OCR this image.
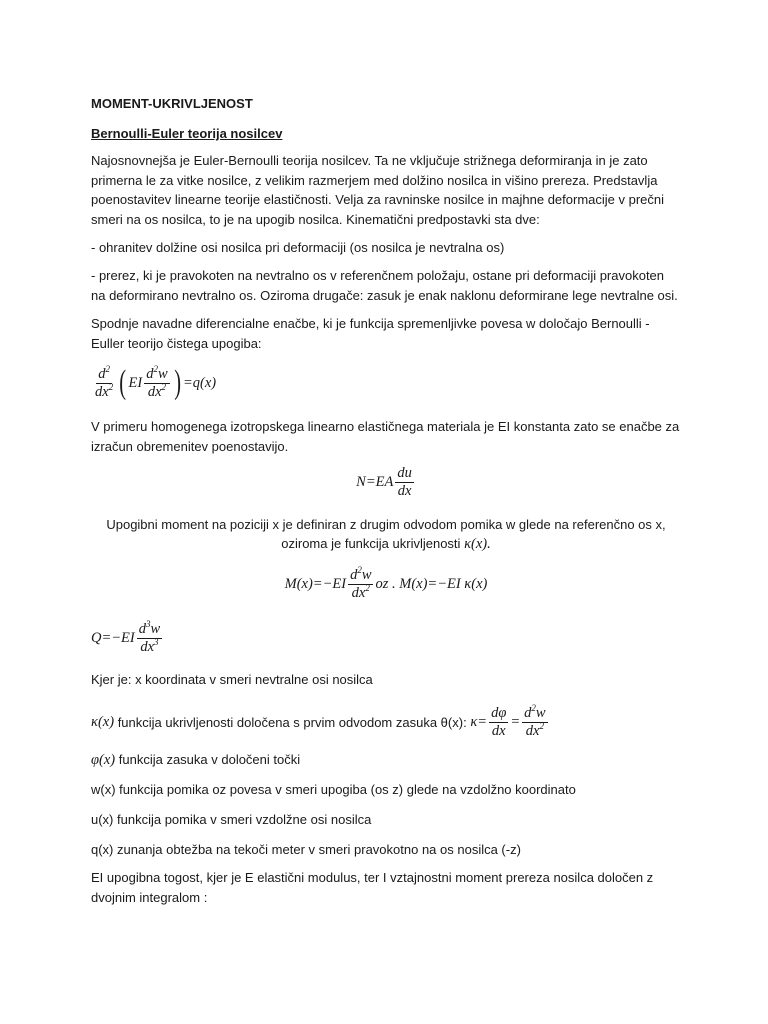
MOMENT-UKRIVLJENOST

Bernoulli-Euler teorija nosilcev

Najosnovnejša je Euler-Bernoulli teorija nosilcev. Ta ne vključuje strižnega deformiranja in je zato primerna le za vitke nosilce, z velikim razmerjem med dolžino nosilca in višino prereza. Predstavlja poenostavitev linearne teorije elastičnosti. Velja za ravninske nosilce in majhne deformacije v prečni smeri na os nosilca, to je na upogib nosilca. Kinematični predpostavki sta dve:

- ohranitev dolžine osi nosilca pri deformaciji (os nosilca je nevtralna os)

- prerez, ki je pravokoten na nevtralno os v referenčnem položaju, ostane pri deformaciji pravokoten na deformirano nevtralno os. Oziroma drugače: zasuk je enak naklonu deformirane lege nevtralne osi.

Spodnje navadne diferencialne enačbe, ki je funkcija spremenljivke povesa w določajo Bernoulli - Euller teorijo čistega upogiba:

$\frac{d^2}{dx^2}$ ( EI $\frac{d^2w}{dx^2}$ ) =q(x)

V primeru homogenega izotropskega linearno elastičnega materiala je EI konstanta zato se enačbe za izračun obremenitev poenostavijo.

$N=EA \frac{du}{dx}$

Upogibni moment na poziciji x je definiran z drugim odvodom pomika w glede na referenčno os x,

oziroma je funkcija ukrivljenosti κ(x).

$M(x)=-EI \frac{d^2w}{dx^2}$ oz . M(x)=−EI κ(x)
$Q=-EI \frac{d^3w}{dx^3}$

Kjer je: x koordinata v smeri nevtralne osi nosilca

κ(x)
funkcija ukrivljenosti določena s prvim odvodom zasuka θ(x):
$\kappa= \frac{d\varphi}{dx} = \frac{d^2w}{dx^2}$

φ(x) funkcija zasuka v določeni točki

w(x) funkcija pomika oz povesa v smeri upogiba (os z) glede na vzdolžno koordinato

u(x) funkcija pomika v smeri vzdolžne osi nosilca

q(x) zunanja obtežba na tekoči meter v smeri pravokotno na os nosilca (-z)

EI upogibna togost, kjer je E elastični modulus, ter I vztajnostni moment prereza nosilca določen z dvojnim integralom :
